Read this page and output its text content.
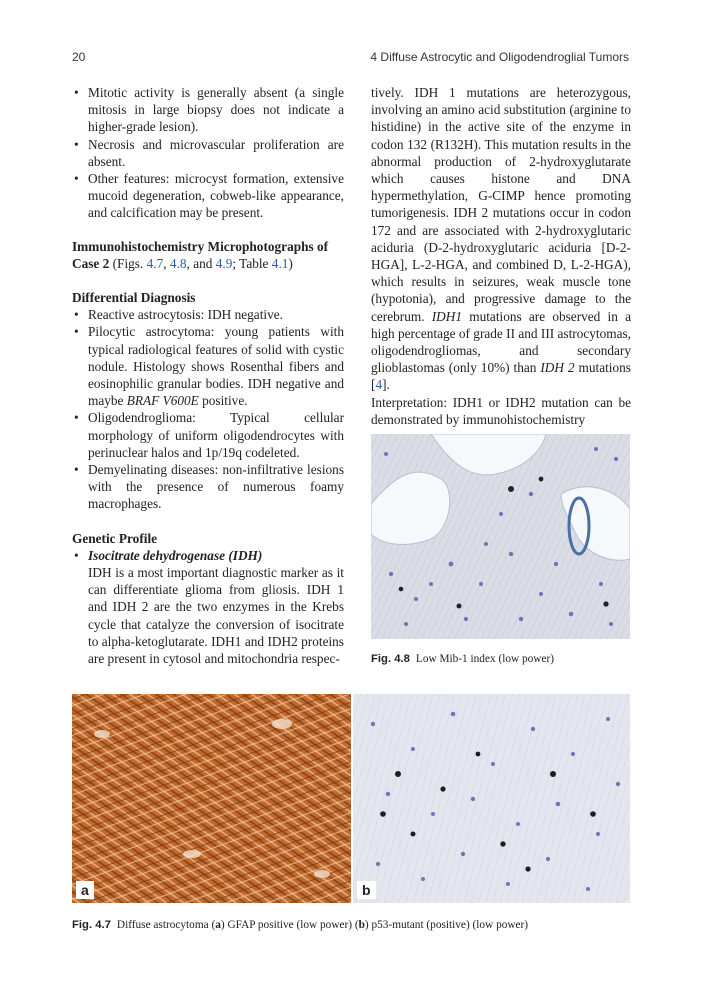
20	4 Diffuse Astrocytic and Oligodendroglial Tumors
• Mitotic activity is generally absent (a single mitosis in large biopsy does not indicate a higher-grade lesion).
• Necrosis and microvascular proliferation are absent.
• Other features: microcyst formation, extensive mucoid degeneration, cobweb-like appearance, and calcification may be present.

Immunohistochemistry Microphotographs of
Case 2 (Figs. 4.7, 4.8, and 4.9; Table 4.1)

Differential Diagnosis

• Reactive astrocytosis: IDH negative.
• Pilocytic astrocytoma: young patients with typical radiological features of solid with cystic nodule. Histology shows Rosenthal fibers and eosinophilic granular bodies. IDH negative and maybe BRAF V600E positive.
• Oligodendroglioma: Typical cellular morphology of uniform oligodendrocytes with perinuclear halos and 1p/19q codeleted.
• Demyelinating diseases: non-infiltrative lesions with the presence of numerous foamy macrophages.

Genetic Profile

• Isocitrate dehydrogenase (IDH)

IDH is a most important diagnostic marker as it can differentiate glioma from gliosis. IDH 1 and IDH 2 are the two enzymes in the Krebs cycle that catalyze the conversion of isocitrate to alpha-ketoglutarate. IDH1 and IDH2 proteins are present in cytosol and mitochondria respec-

tively. IDH 1 mutations are heterozygous, involving an amino acid substitution (arginine to histidine) in the active site of the enzyme in codon 132 (R132H). This mutation results in the abnormal production of 2-hydroxyglutarate which causes histone and DNA hypermethylation, G-CIMP hence promoting tumorigenesis. IDH 2 mutations occur in codon 172 and are associated with 2-hydroxyglutaric aciduria (D-2-hydroxyglutaric aciduria [D-2-HGA], L-2-HGA, and combined D, L-2-HGA), which results in seizures, weak muscle tone (hypotonia), and progressive damage to the cerebrum. IDH1 mutations are observed in a high percentage of grade II and III astrocytomas, oligodendrogliomas, and secondary glioblastomas (only 10%) than IDH 2 mutations [4].

Interpretation: IDH1 or IDH2 mutation can be demonstrated by immunohistochemistry

Fig. 4.8 Low Mib-1 index (low power)
a	b
Fig. 4.7 Diffuse astrocytoma (a) GFAP positive (low power) (b) p53-mutant (positive) (low power)
